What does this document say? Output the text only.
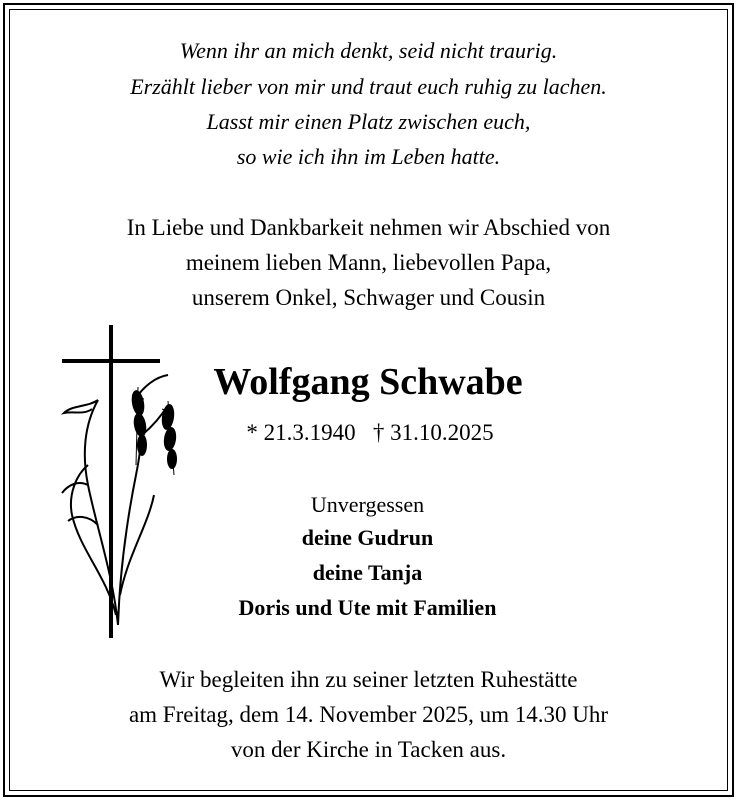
Wenn ihr an mich denkt, seid nicht traurig.
Erzählt lieber von mir und traut euch ruhig zu lachen.
Lasst mir einen Platz zwischen euch,
so wie ich ihn im Leben hatte.
In Liebe und Dankbarkeit nehmen wir Abschied von
meinem lieben Mann, liebevollen Papa,
unserem Onkel, Schwager und Cousin
Wolfgang Schwabe
* 21.3.1940   † 31.10.2025
Unvergessen
deine Gudrun
deine Tanja
Doris und Ute mit Familien
Wir begleiten ihn zu seiner letzten Ruhestätte
am Freitag, dem 14. November 2025, um 14.30 Uhr
von der Kirche in Tacken aus.
